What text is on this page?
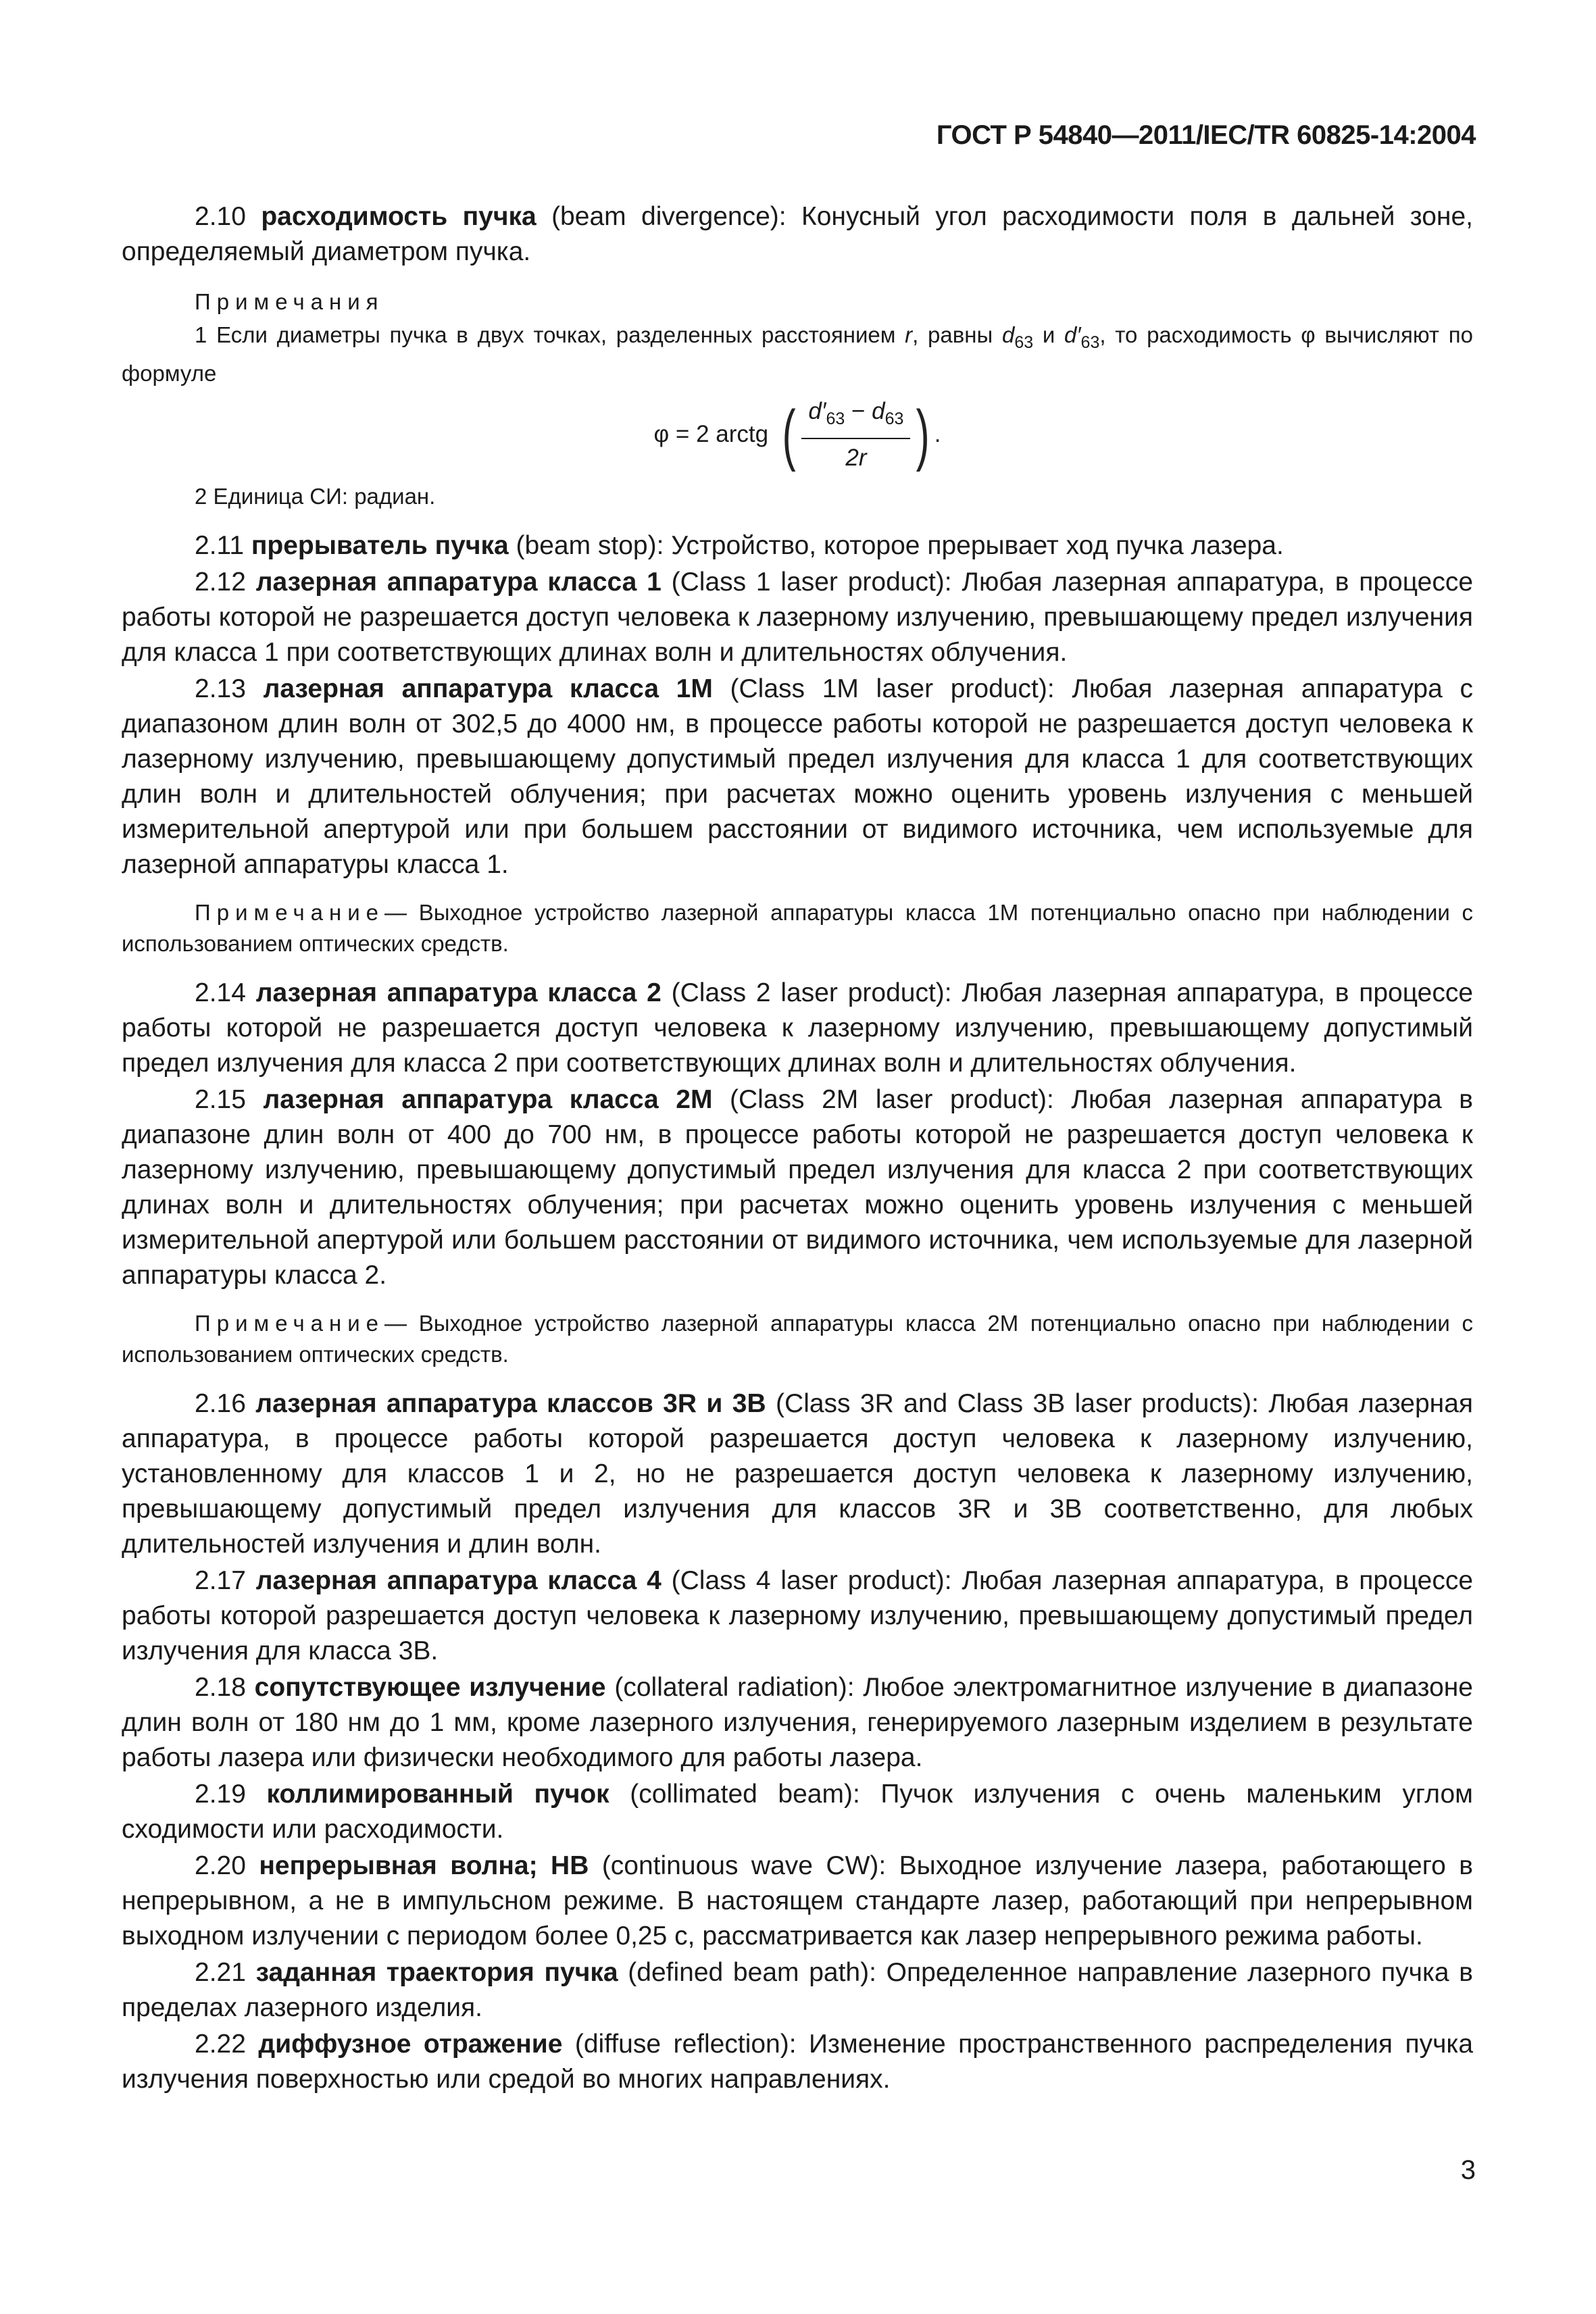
ГОСТ Р 54840—2011/IEC/TR 60825-14:2004

2.10 расходимость пучка (beam divergence): Конусный угол расходимости поля в дальней зоне, определяемый диаметром пучка.

Примечания
1 Если диаметры пучка в двух точках, разделенных расстоянием r, равны $d_{63}$ и $d'_{63}$, то расходимость φ вычисляют по формуле
φ = 2 arctg ( $\frac{d'_{63} - d_{63}}{2r}$ ) .
2 Единица СИ: радиан.

2.11 прерыватель пучка (beam stop): Устройство, которое прерывает ход пучка лазера.

2.12 лазерная аппаратура класса 1 (Class 1 laser product): Любая лазерная аппаратура, в процессе работы которой не разрешается доступ человека к лазерному излучению, превышающему предел излучения для класса 1 при соответствующих длинах волн и длительностях облучения.

2.13 лазерная аппаратура класса 1М (Class 1M laser product): Любая лазерная аппаратура с диапазоном длин волн от 302,5 до 4000 нм, в процессе работы которой не разрешается доступ человека к лазерному излучению, превышающему допустимый предел излучения для класса 1 для соответствующих длин волн и длительностей облучения; при расчетах можно оценить уровень излучения с меньшей измерительной апертурой или при большем расстоянии от видимого источника, чем используемые для лазерной аппаратуры класса 1.

Примечание— Выходное устройство лазерной аппаратуры класса 1М потенциально опасно при наблюдении с использованием оптических средств.

2.14 лазерная аппаратура класса 2 (Class 2 laser product): Любая лазерная аппаратура, в процессе работы которой не разрешается доступ человека к лазерному излучению, превышающему допустимый предел излучения для класса 2 при соответствующих длинах волн и длительностях облучения.

2.15 лазерная аппаратура класса 2М (Class 2M laser product): Любая лазерная аппаратура в диапазоне длин волн от 400 до 700 нм, в процессе работы которой не разрешается доступ человека к лазерному излучению, превышающему допустимый предел излучения для класса 2 при соответствующих длинах волн и длительностях облучения; при расчетах можно оценить уровень излучения с меньшей измерительной апертурой или большем расстоянии от видимого источника, чем используемые для лазерной аппаратуры класса 2.

Примечание— Выходное устройство лазерной аппаратуры класса 2М потенциально опасно при наблюдении с использованием оптических средств.

2.16 лазерная аппаратура классов 3R и 3B (Class 3R and Class 3B laser products): Любая лазерная аппаратура, в процессе работы которой разрешается доступ человека к лазерному излучению, установленному для классов 1 и 2, но не разрешается доступ человека к лазерному излучению, превышающему допустимый предел излучения для классов 3R и 3B соответственно, для любых длительностей излучения и длин волн.

2.17 лазерная аппаратура класса 4 (Class 4 laser product): Любая лазерная аппаратура, в процессе работы которой разрешается доступ человека к лазерному излучению, превышающему допустимый предел излучения для класса 3B.

2.18 сопутствующее излучение (collateral radiation): Любое электромагнитное излучение в диапазоне длин волн от 180 нм до 1 мм, кроме лазерного излучения, генерируемого лазерным изделием в результате работы лазера или физически необходимого для работы лазера.

2.19 коллимированный пучок (collimated beam): Пучок излучения с очень маленьким углом сходимости или расходимости.

2.20 непрерывная волна; НВ (continuous wave CW): Выходное излучение лазера, работающего в непрерывном, а не в импульсном режиме. В настоящем стандарте лазер, работающий при непрерывном выходном излучении с периодом более 0,25 с, рассматривается как лазер непрерывного режима работы.

2.21 заданная траектория пучка (defined beam path): Определенное направление лазерного пучка в пределах лазерного изделия.

2.22 диффузное отражение (diffuse reflection): Изменение пространственного распределения пучка излучения поверхностью или средой во многих направлениях.

3
